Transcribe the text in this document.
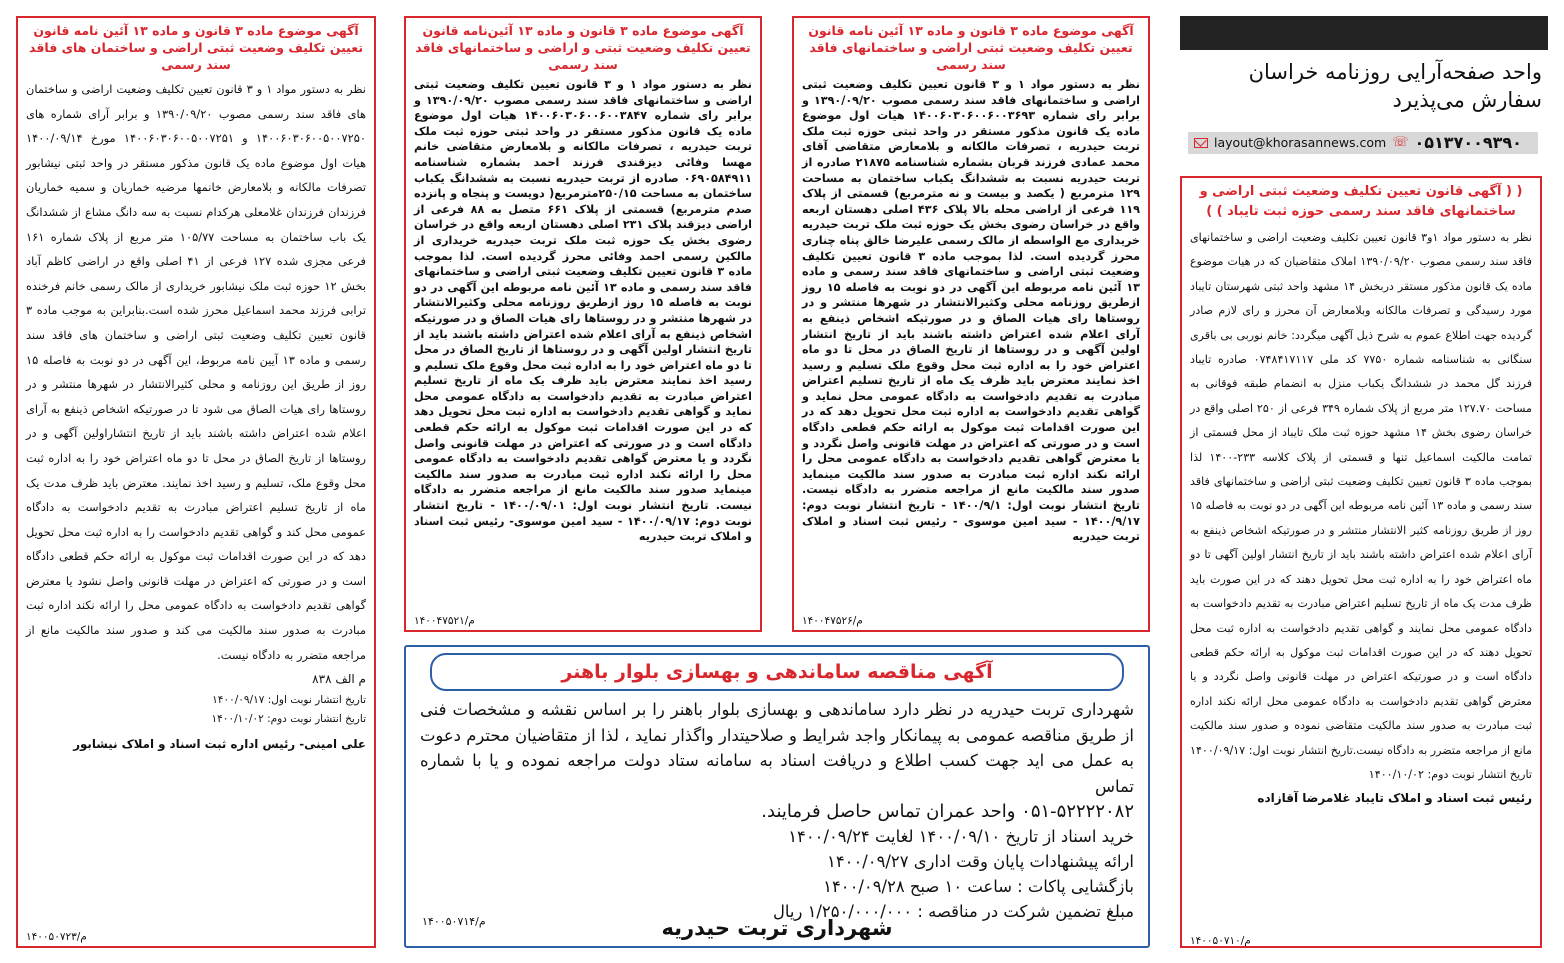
واحد صفحه‌آرایی روزنامه خراسان
سفارش می‌پذیرد
layout@khorasannews.com ☏ ۰۵۱۳۷۰۰۹۳۹۰
( ( آگهی قانون تعیین تکلیف وضعیت ثبتی اراضی و ساختمانهای فاقد سند رسمی حوزه ثبت تایباد ) )
نظر به دستور مواد ۱و۳ قانون تعیین تکلیف وضعیت اراضی و ساختمانهای فاقد سند رسمی مصوب ۱۳۹۰/۰۹/۲۰ املاک متقاضیان که در هیات موضوع ماده یک قانون مذکور مستقر دربخش ۱۴ مشهد واحد ثبتی شهرستان تایباد مورد رسیدگی و تصرفات مالکانه وبلامعارض آن محرز و رای لازم صادر گردیده جهت اطلاع عموم به شرح ذیل آگهی میگردد: خانم نوربی بی باقری سنگانی به شناسنامه شماره ۷۷۵۰ کد ملی ۰۷۴۸۴۱۷۱۱۷ صادره تایباد فرزند گل محمد در ششدانگ یکباب منزل به انضمام طبقه فوقانی به مساحت ۱۲۷.۷۰ متر مربع از پلاک شماره ۳۴۹ فرعی از ۲۵۰ اصلی واقع در خراسان رضوی بخش ۱۴ مشهد حوزه ثبت ملک تایباد از محل قسمتی از تمامت مالکیت اسماعیل تنها و قسمتی از پلاک کلاسه ۲۳۳-۱۴۰۰ لذا بموجب ماده ۳ قانون تعیین تکلیف وضعیت ثبتی اراضی و ساختمانهای فاقد سند رسمی و ماده ۱۳ آئین نامه مربوطه این آگهی در دو نوبت به فاصله ۱۵ روز از طریق روزنامه کثیر الانتشار منتشر و در صورتیکه اشخاص ذینفع به آرای اعلام شده اعتراض داشته باشند باید از تاریخ انتشار اولین آگهی تا دو ماه اعتراض خود را به اداره ثبت محل تحویل دهند که در این صورت باید ظرف مدت یک ماه از تاریخ تسلیم اعتراض مبادرت به تقدیم دادخواست به دادگاه عمومی محل نمایند و گواهی تقدیم دادخواست به اداره ثبت محل تحویل دهند که در این صورت اقدامات ثبت موکول به ارائه حکم قطعی دادگاه است و در صورتیکه اعتراض در مهلت قانونی واصل نگردد و یا معترض گواهی تقدیم دادخواست به دادگاه عمومی محل ارائه نکند اداره ثبت مبادرت به صدور سند مالکیت متقاضی نموده و صدور سند مالکیت مانع از مراجعه متضرر به دادگاه نیست.تاریخ انتشار نوبت اول: ۱۴۰۰/۰۹/۱۷ تاریخ انتشار نوبت دوم: ۱۴۰۰/۱۰/۰۲
رئیس ثبت اسناد و املاک تایباد غلامرضا آقازاده
۱۴۰۰۵۰۷۱۰/م
آگهی موضوع ماده ۳ قانون و ماده ۱۳ آئین نامه قانون تعیین تکلیف وضعیت ثبتی اراضی و ساختمانهای فاقد سند رسمی
نظر به دستور مواد ۱ و ۳ قانون تعیین تکلیف وضعیت ثبتی اراضی و ساختمانهای فاقد سند رسمی مصوب ۱۳۹۰/۰۹/۲۰ و برابر رای شماره ۱۴۰۰۶۰۳۰۶۰۰۶۰۰۳۶۹۳ هیات اول موضوع ماده یک قانون مذکور مستقر در واحد ثبتی حوزه ثبت ملک تربت حیدریه ، تصرفات مالکانه و بلامعارض متقاضی آقای محمد عمادی فرزند قربان بشماره شناسنامه ۲۱۸۷۵ صادره از تربت حیدریه نسبت به ششدانگ یکباب ساختمان به مساحت ۱۲۹ مترمربع ( یکصد و بیست و نه مترمربع) قسمتی از پلاک ۱۱۹ فرعی از اراضی محله بالا پلاک ۴۳۶ اصلی دهستان اربعه واقع در خراسان رضوی بخش یک حوزه ثبت ملک تربت حیدریه خریداری مع الواسطه از مالک رسمی علیرضا خالق پناه چناری محرز گردیده است. لذا بموجب ماده ۳ قانون تعیین تکلیف وضعیت ثبتی اراضی و ساختمانهای فاقد سند رسمی و ماده ۱۳ آئین نامه مربوطه این آگهی در دو نوبت به فاصله ۱۵ روز ازطریق روزنامه محلی وکثیرالانتشار در شهرها منتشر و در روستاها رای هیات الصاق و در صورتیکه اشخاص ذینفع به آرای اعلام شده اعتراض داشته باشند باید از تاریخ انتشار اولین آگهی و در روستاها از تاریخ الصاق در محل تا دو ماه اعتراض خود را به اداره ثبت محل وقوع ملک تسلیم و رسید اخذ نمایند معترض باید ظرف یک ماه از تاریخ تسلیم اعتراض مبادرت به تقدیم دادخواست به دادگاه عمومی محل نماید و گواهی تقدیم دادخواست به اداره ثبت محل تحویل دهد که در این صورت اقدامات ثبت موکول به ارائه حکم قطعی دادگاه است و در صورتی که اعتراض در مهلت قانونی واصل نگردد و یا معترض گواهی تقدیم دادخواست به دادگاه عمومی محل را ارائه نکند اداره ثبت مبادرت به صدور سند مالکیت مینماید صدور سند مالکیت مانع از مراجعه متضرر به دادگاه نیست. تاریخ انتشار نوبت اول: ۱۴۰۰/۹/۱ - تاریخ انتشار نوبت دوم: ۱۴۰۰/۹/۱۷ - سید امین موسوی - رئیس ثبت اسناد و املاک تربت حیدریه
۱۴۰۰۴۷۵۲۶/م
آگهی موضوع ماده ۳ قانون و ماده ۱۳ آئین‌نامه قانون تعیین تکلیف وضعیت ثبتی و اراضی و ساختمانهای فاقد سند رسمی
نظر به دستور مواد ۱ و ۳ قانون تعیین تکلیف وضعیت ثبتی اراضی و ساختمانهای فاقد سند رسمی مصوب ۱۳۹۰/۰۹/۲۰ و برابر رای شماره ۱۴۰۰۶۰۳۰۶۰۰۶۰۰۳۸۴۷ هیات اول موضوع ماده یک قانون مذکور مستقر در واحد ثبتی حوزه ثبت ملک تربت حیدریه ، تصرفات مالکانه و بلامعارض متقاضی خانم مهسا وفائی دیزقندی فرزند احمد بشماره شناسنامه ۰۶۹۰۵۸۴۹۱۱ صادره از تربت حیدریه نسبت به ششدانگ یکباب ساختمان به مساحت ۲۵۰/۱۵مترمربع( دویست و پنجاه و پانزده صدم مترمربع) قسمتی از پلاک ۶۶۱ متصل به ۸۸ فرعی از اراضی دیزقند پلاک ۲۳۱ اصلی دهستان اربعه واقع در خراسان رضوی بخش یک حوزه ثبت ملک تربت حیدریه خریداری از مالکین رسمی احمد وفائی محرز گردیده است. لذا بموجب ماده ۳ قانون تعیین تکلیف وضعیت ثبتی اراضی و ساختمانهای فاقد سند رسمی و ماده ۱۳ آئین نامه مربوطه این آگهی در دو نوبت به فاصله ۱۵ روز ازطریق روزنامه محلی وکثیرالانتشار در شهرها منتشر و در روستاها رای هیات الصاق و در صورتیکه اشخاص ذینفع به آرای اعلام شده اعتراض داشته باشند باید از تاریخ انتشار اولین آگهی و در روستاها از تاریخ الصاق در محل تا دو ماه اعتراض خود را به اداره ثبت محل وقوع ملک تسلیم و رسید اخذ نمایند معترض باید ظرف یک ماه از تاریخ تسلیم اعتراض مبادرت به تقدیم دادخواست به دادگاه عمومی محل نماید و گواهی تقدیم دادخواست به اداره ثبت محل تحویل دهد که در این صورت اقدامات ثبت موکول به ارائه حکم قطعی دادگاه است و در صورتی که اعتراض در مهلت قانونی واصل نگردد و یا معترض گواهی تقدیم دادخواست به دادگاه عمومی محل را ارائه نکند اداره ثبت مبادرت به صدور سند مالکیت مینماید صدور سند مالکیت مانع از مراجعه متضرر به دادگاه نیست. تاریخ انتشار نوبت اول: ۱۴۰۰/۰۹/۰۱ - تاریخ انتشار نوبت دوم: ۱۴۰۰/۰۹/۱۷ - سید امین موسوی- رئیس ثبت اسناد و املاک تربت حیدریه
۱۴۰۰۴۷۵۲۱/م
آگهی موضوع ماده ۳ قانون و ماده ۱۳ آئین نامه قانون تعیین تکلیف وضعیت ثبتی اراضی و ساختمان های فاقد سند رسمی
نظر به دستور مواد ۱ و ۳ قانون تعیین تکلیف وضعیت اراضی و ساختمان های فاقد سند رسمی مصوب ۱۳۹۰/۰۹/۲۰ و برابر آرای شماره های ۱۴۰۰۶۰۳۰۶۰۰۵۰۰۷۲۵۰ و ۱۴۰۰۶۰۳۰۶۰۰۵۰۰۷۲۵۱ مورخ ۱۴۰۰/۰۹/۱۴ هیات اول موضوع ماده یک قانون مذکور مستقر در واحد ثبتی نیشابور تصرفات مالکانه و بلامعارض خانمها مرضیه خماریان و سمیه خماریان فرزندان فرزندان غلامعلی هرکدام نسبت به سه دانگ مشاع از ششدانگ یک باب ساختمان به مساحت ۱۰۵/۷۷ متر مربع از پلاک شماره ۱۶۱ فرعی مجزی شده ۱۲۷ فرعی از ۴۱ اصلی واقع در اراضی کاظم آباد بخش ۱۲ حوزه ثبت ملک نیشابور خریداری از مالک رسمی خانم فرخنده ترابی فرزند محمد اسماعیل محرز شده است.بنابراین به موجب ماده ۳ قانون تعیین تکلیف وضعیت ثبتی اراضی و ساختمان های فاقد سند رسمی و ماده ۱۳ آیین نامه مربوط، این آگهی در دو نوبت به فاصله ۱۵ روز از طریق این روزنامه و محلی کثیرالانتشار در شهرها منتشر و در روستاها رای هیات الصاق می شود تا در صورتیکه اشخاص ذینفع به آرای اعلام شده اعتراض داشته باشند باید از تاریخ انتشاراولین آگهی و در روستاها از تاریخ الصاق در محل تا دو ماه اعتراض خود را به اداره ثبت محل وقوع ملک، تسلیم و رسید اخذ نمایند. معترض باید ظرف مدت یک ماه از تاریخ تسلیم اعتراض مبادرت به تقدیم دادخواست به دادگاه عمومی محل کند و گواهی تقدیم دادخواست را به اداره ثبت محل تحویل دهد که در این صورت اقدامات ثبت موکول به ارائه حکم قطعی دادگاه است و در صورتی که اعتراض در مهلت قانونی واصل نشود یا معترض گواهی تقدیم دادخواست به دادگاه عمومی محل را ارائه نکند اداره ثبت مبادرت به صدور سند مالکیت می کند و صدور سند مالکیت مانع از مراجعه متضرر به دادگاه نیست.
م الف ۸۳۸
تاریخ انتشار نوبت اول: ۱۴۰۰/۰۹/۱۷
تاریخ انتشار نوبت دوم: ۱۴۰۰/۱۰/۰۲
علی امینی- رئیس اداره ثبت اسناد و املاک نیشابور
۱۴۰۰۵۰۷۲۳/م
آگهی مناقصه ساماندهی و بهسازی بلوار باهنر
شهرداری تربت حیدریه در نظر دارد ساماندهی و بهسازی بلوار باهنر را بر اساس نقشه و مشخصات فنی از طریق مناقصه عمومی به پیمانکار واجد شرایط و صلاحیتدار واگذار نماید ، لذا از متقاضیان محترم دعوت به عمل می اید جهت کسب اطلاع و دریافت اسناد به سامانه ستاد دولت مراجعه نموده و یا با شماره تماس
۰۵۱-۵۲۲۲۲۰۸۲ واحد عمران تماس حاصل فرمایند.
خرید اسناد از تاریخ ۱۴۰۰/۰۹/۱۰ لغایت ۱۴۰۰/۰۹/۲۴
ارائه پیشنهادات پایان وقت اداری ۱۴۰۰/۰۹/۲۷
بازگشایی پاکات : ساعت ۱۰ صبح ۱۴۰۰/۰۹/۲۸
مبلغ تضمین شرکت در مناقصه : ۱/۲۵۰/۰۰۰/۰۰۰ ریال
۱۴۰۰۵۰۷۱۴/م	شهرداری تربت حیدریه
